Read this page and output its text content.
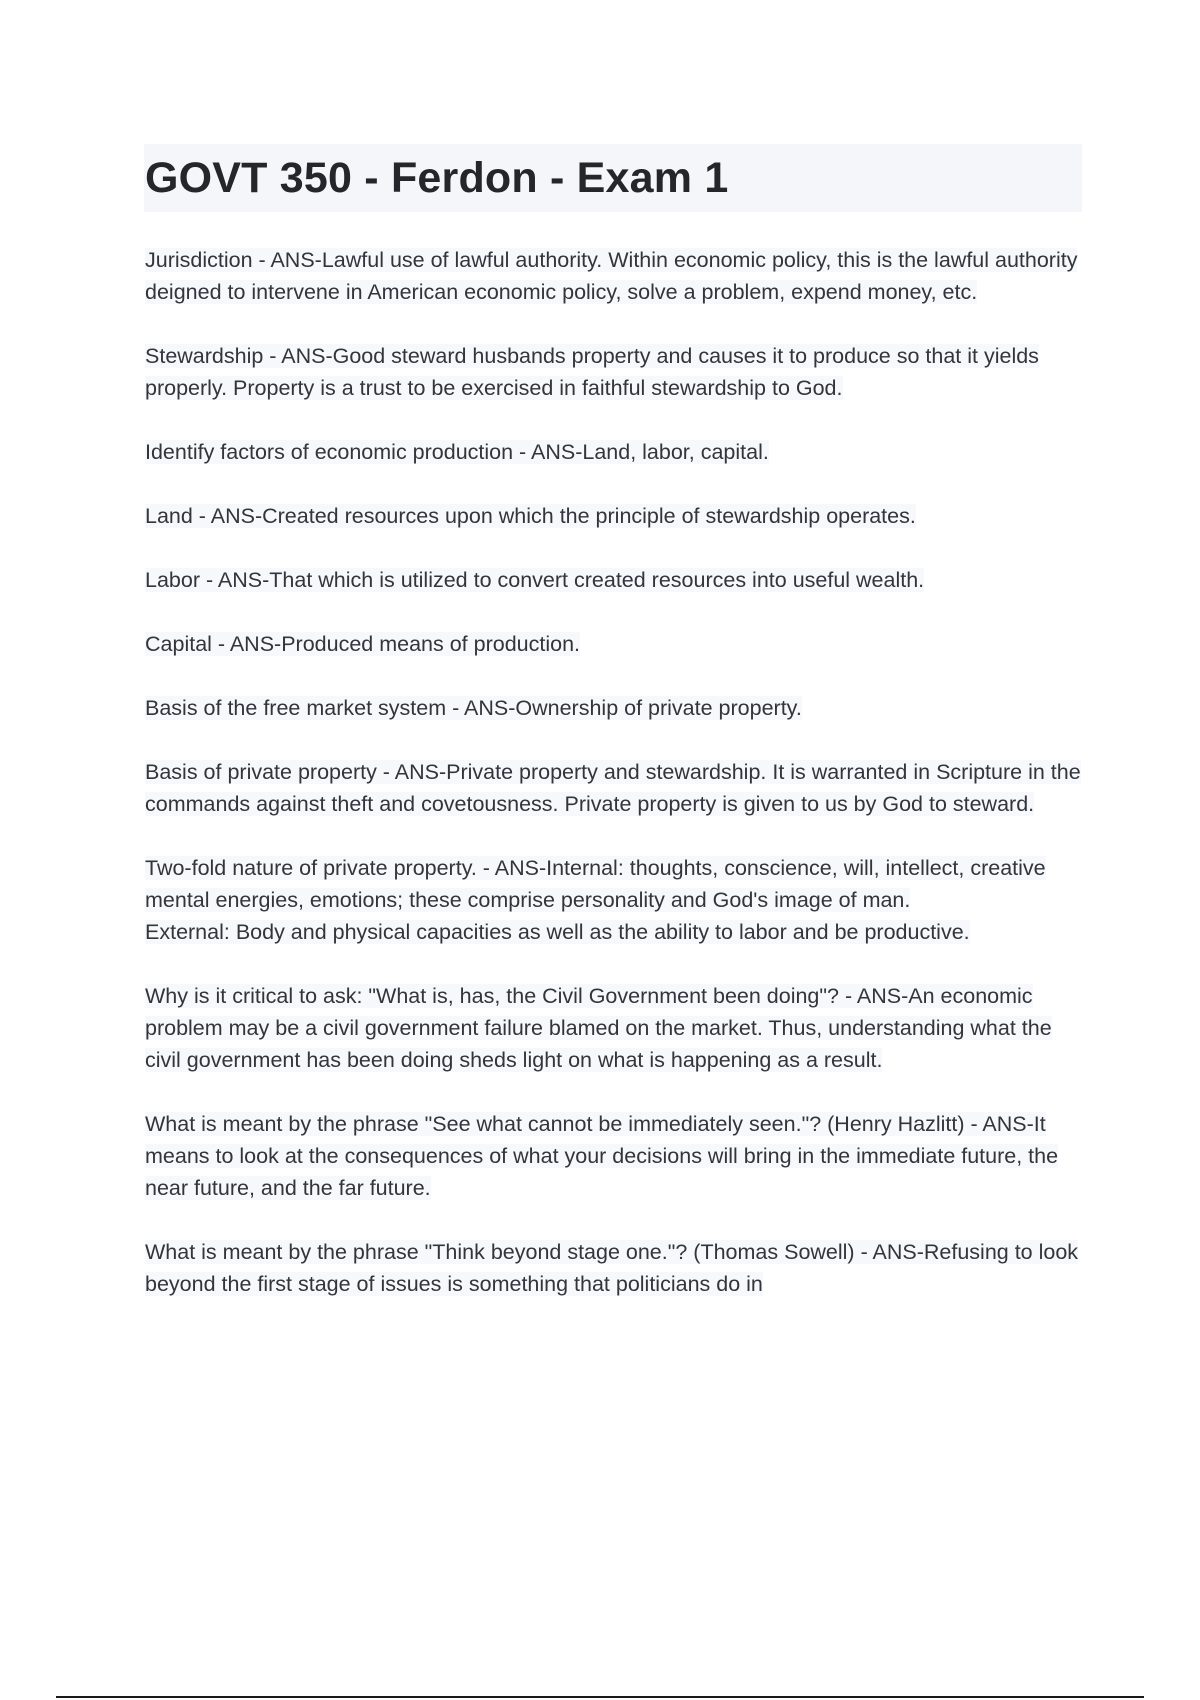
GOVT 350 - Ferdon - Exam 1

Jurisdiction - ANS-Lawful use of lawful authority. Within economic policy, this is the lawful authority deigned to intervene in American economic policy, solve a problem, expend money, etc.

Stewardship - ANS-Good steward husbands property and causes it to produce so that it yields properly. Property is a trust to be exercised in faithful stewardship to God.

Identify factors of economic production - ANS-Land, labor, capital.

Land - ANS-Created resources upon which the principle of stewardship operates.

Labor - ANS-That which is utilized to convert created resources into useful wealth.

Capital - ANS-Produced means of production.

Basis of the free market system - ANS-Ownership of private property.

Basis of private property - ANS-Private property and stewardship. It is warranted in Scripture in the commands against theft and covetousness. Private property is given to us by God to steward.

Two-fold nature of private property. - ANS-Internal: thoughts, conscience, will, intellect, creative mental energies, emotions; these comprise personality and God's image of man.
External: Body and physical capacities as well as the ability to labor and be productive.

Why is it critical to ask: "What is, has, the Civil Government been doing"? - ANS-An economic problem may be a civil government failure blamed on the market. Thus, understanding what the civil government has been doing sheds light on what is happening as a result.

What is meant by the phrase "See what cannot be immediately seen."? (Henry Hazlitt) - ANS-It means to look at the consequences of what your decisions will bring in the immediate future, the near future, and the far future.

What is meant by the phrase "Think beyond stage one."? (Thomas Sowell) - ANS-Refusing to look beyond the first stage of issues is something that politicians do in
